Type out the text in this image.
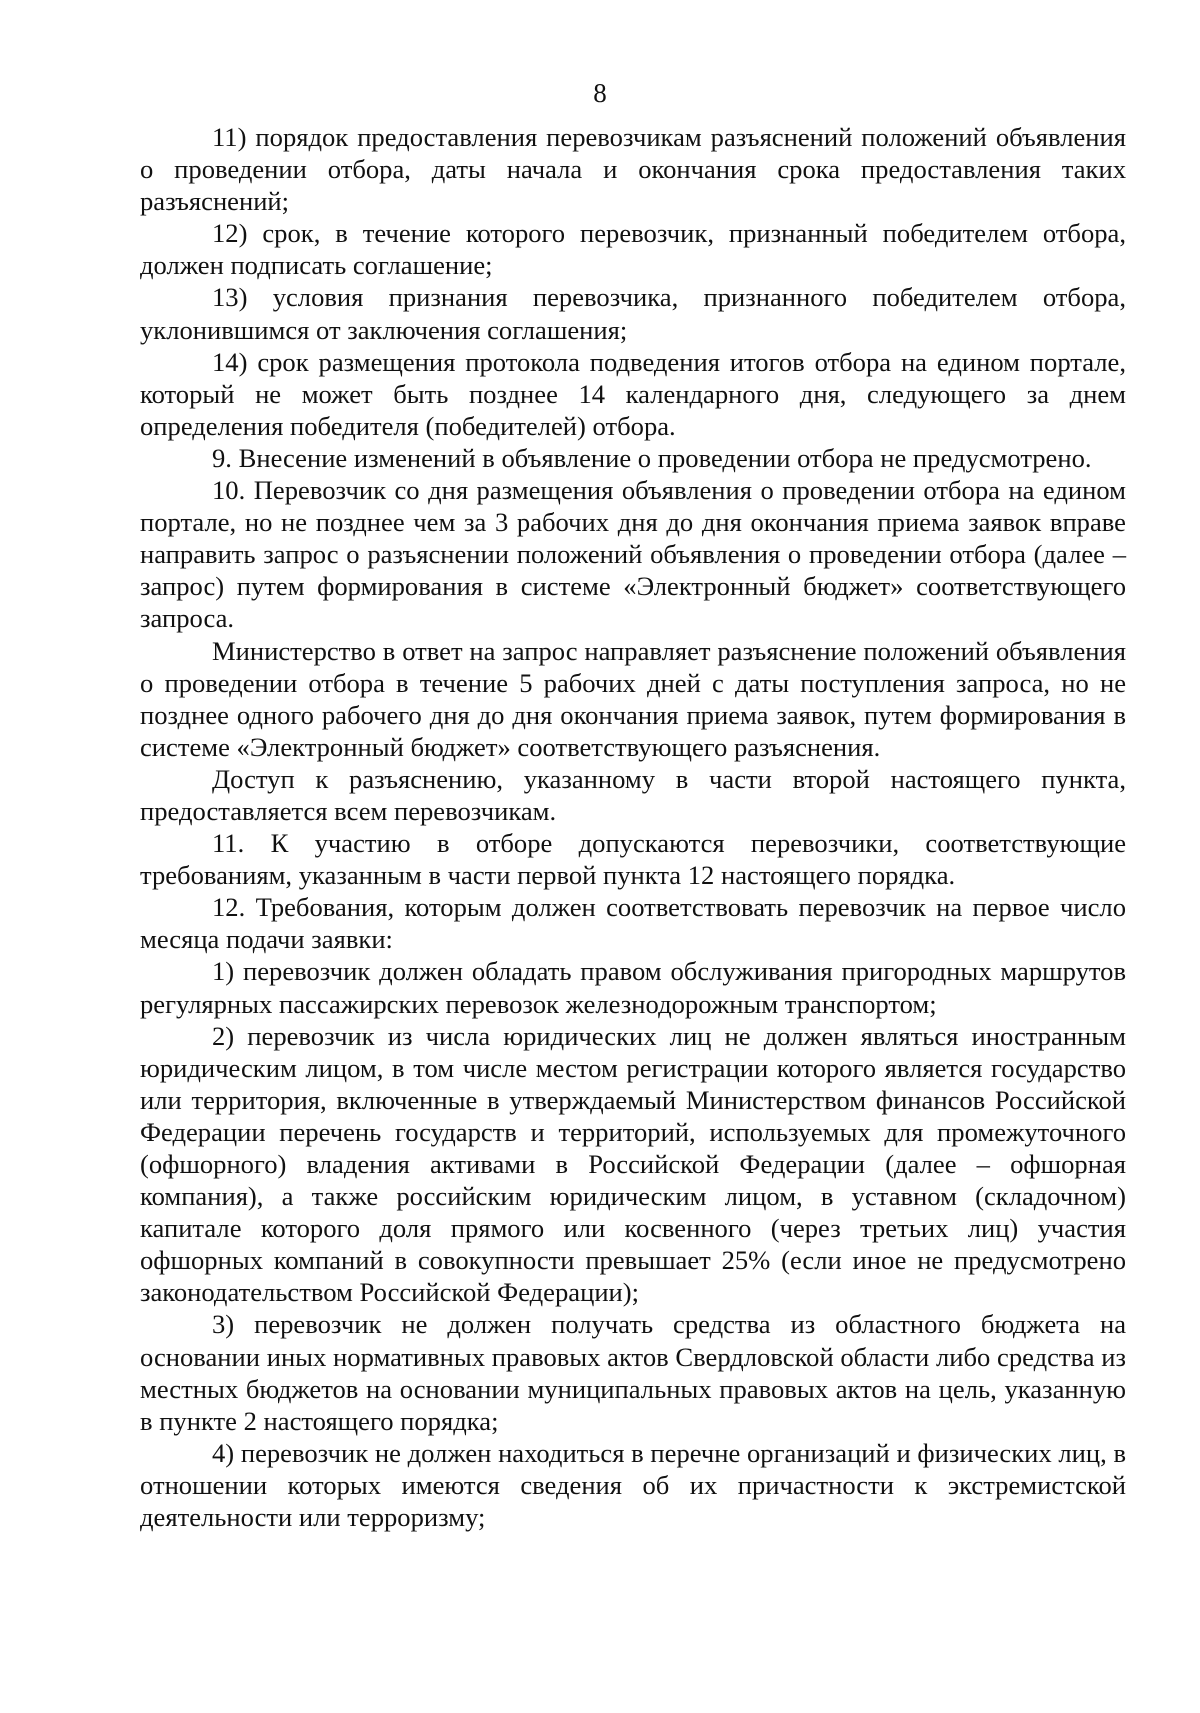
8

11) порядок предоставления перевозчикам разъяснений положений объявления о проведении отбора, даты начала и окончания срока предоставления таких разъяснений;

12) срок, в течение которого перевозчик, признанный победителем отбора, должен подписать соглашение;

13) условия признания перевозчика, признанного победителем отбора, уклонившимся от заключения соглашения;

14) срок размещения протокола подведения итогов отбора на едином портале, который не может быть позднее 14 календарного дня, следующего за днем определения победителя (победителей) отбора.

9. Внесение изменений в объявление о проведении отбора не предусмотрено.

10. Перевозчик со дня размещения объявления о проведении отбора на едином портале, но не позднее чем за 3 рабочих дня до дня окончания приема заявок вправе направить запрос о разъяснении положений объявления о проведении отбора (далее – запрос) путем формирования в системе «Электронный бюджет» соответствующего запроса.

Министерство в ответ на запрос направляет разъяснение положений объявления о проведении отбора в течение 5 рабочих дней с даты поступления запроса, но не позднее одного рабочего дня до дня окончания приема заявок, путем формирования в системе «Электронный бюджет» соответствующего разъяснения.

Доступ к разъяснению, указанному в части второй настоящего пункта, предоставляется всем перевозчикам.

11. К участию в отборе допускаются перевозчики, соответствующие требованиям, указанным в части первой пункта 12 настоящего порядка.

12. Требования, которым должен соответствовать перевозчик на первое число месяца подачи заявки:

1) перевозчик должен обладать правом обслуживания пригородных маршрутов регулярных пассажирских перевозок железнодорожным транспортом;

2) перевозчик из числа юридических лиц не должен являться иностранным юридическим лицом, в том числе местом регистрации которого является государство или территория, включенные в утверждаемый Министерством финансов Российской Федерации перечень государств и территорий, используемых для промежуточного (офшорного) владения активами в Российской Федерации (далее – офшорная компания), а также российским юридическим лицом, в уставном (складочном) капитале которого доля прямого или косвенного (через третьих лиц) участия офшорных компаний в совокупности превышает 25% (если иное не предусмотрено законодательством Российской Федерации);

3) перевозчик не должен получать средства из областного бюджета на основании иных нормативных правовых актов Свердловской области либо средства из местных бюджетов на основании муниципальных правовых актов на цель, указанную в пункте 2 настоящего порядка;

4) перевозчик не должен находиться в перечне организаций и физических лиц, в отношении которых имеются сведения об их причастности к экстремистской деятельности или терроризму;
